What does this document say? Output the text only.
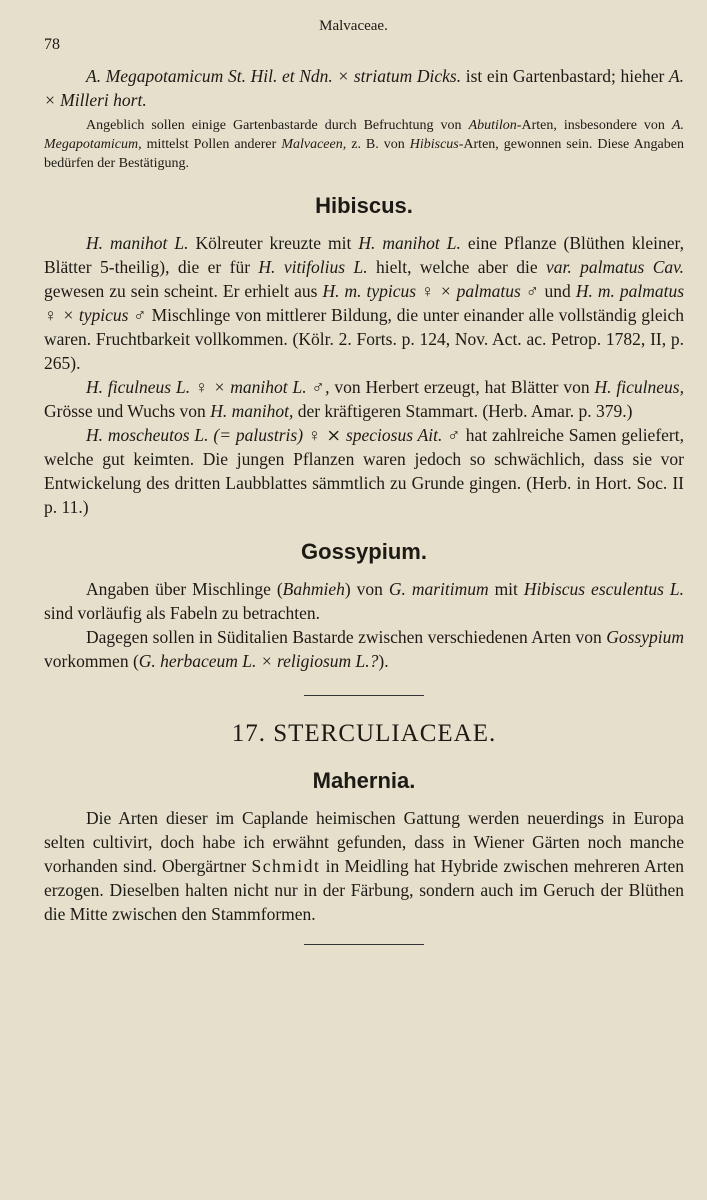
Malvaceae.
78

A. Megapotamicum St. Hil. et Ndn. × striatum Dicks. ist ein Gartenbastard; hieher A. × Milleri hort.

Angeblich sollen einige Gartenbastarde durch Befruchtung von Abutilon-Arten, insbesondere von A. Megapotamicum, mittelst Pollen anderer Malvaceen, z. B. von Hibiscus-Arten, gewonnen sein. Diese Angaben bedürfen der Bestätigung.

Hibiscus.

H. manihot L. Kölreuter kreuzte mit H. manihot L. eine Pflanze (Blüthen kleiner, Blätter 5-theilig), die er für H. vitifolius L. hielt, welche aber die var. palmatus Cav. gewesen zu sein scheint. Er erhielt aus H. m. typicus ♀ × palmatus ♂ und H. m. palmatus ♀ × typicus ♂ Mischlinge von mittlerer Bildung, die unter einander alle vollständig gleich waren. Fruchtbarkeit vollkommen. (Kölr. 2. Forts. p. 124, Nov. Act. ac. Petrop. 1782, II, p. 265).

H. ficulneus L. ♀ × manihot L. ♂, von Herbert erzeugt, hat Blätter von H. ficulneus, Grösse und Wuchs von H. manihot, der kräftigeren Stammart. (Herb. Amar. p. 379.)

H. moscheutos L. (= palustris) ♀ ⨯ speciosus Ait. ♂ hat zahlreiche Samen geliefert, welche gut keimten. Die jungen Pflanzen waren jedoch so schwächlich, dass sie vor Entwickelung des dritten Laubblattes sämmtlich zu Grunde gingen. (Herb. in Hort. Soc. II p. 11.)

Gossypium.

Angaben über Mischlinge (Bahmieh) von G. maritimum mit Hibiscus esculentus L. sind vorläufig als Fabeln zu betrachten.

Dagegen sollen in Süditalien Bastarde zwischen verschiedenen Arten von Gossypium vorkommen (G. herbaceum L. × religiosum L.?).

17. STERCULIACEAE.
Mahernia.

Die Arten dieser im Caplande heimischen Gattung werden neuerdings in Europa selten cultivirt, doch habe ich erwähnt gefunden, dass in Wiener Gärten noch manche vorhanden sind. Obergärtner Schmidt in Meidling hat Hybride zwischen mehreren Arten erzogen. Dieselben halten nicht nur in der Färbung, sondern auch im Geruch der Blüthen die Mitte zwischen den Stammformen.
